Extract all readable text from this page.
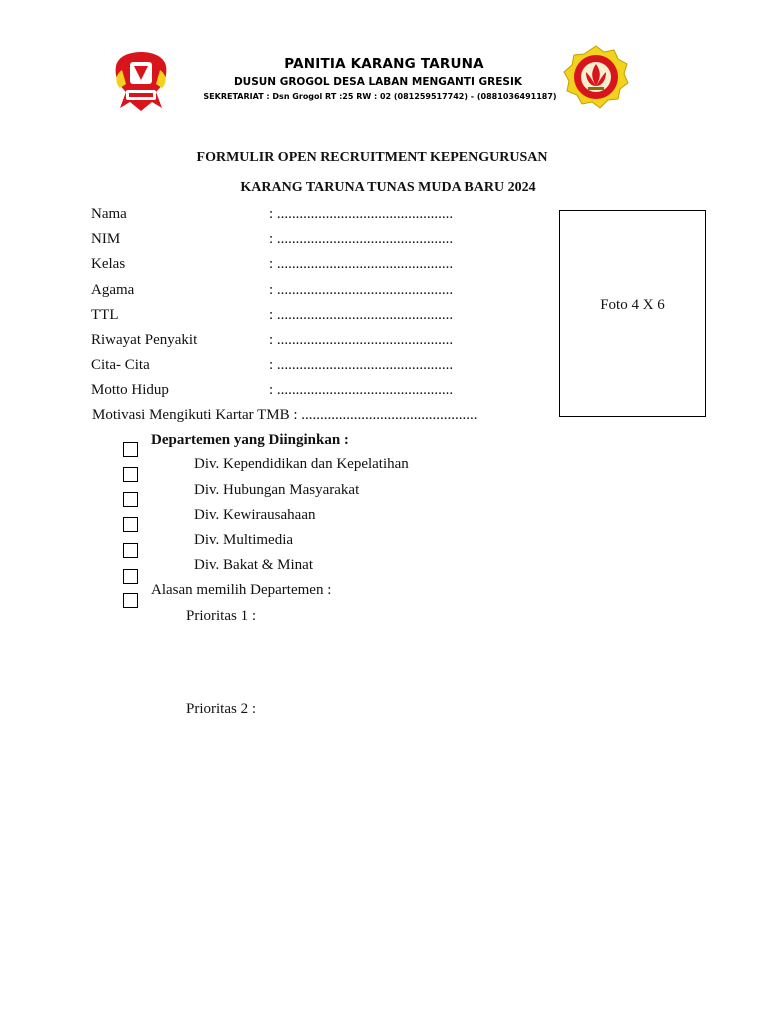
PANITIA KARANG TARUNA
DUSUN GROGOL DESA LABAN MENGANTI GRESIK
SEKRETARIAT : Dsn Grogol RT :25 RW : 02 (081259517742) - (0881036491187)
FORMULIR OPEN RECRUITMENT KEPENGURUSAN
KARANG TARUNA TUNAS MUDA BARU 2024
Nama	: ...............................................
NIM	: ...............................................
Kelas	: ...............................................
Agama	: ...............................................
TTL	: ...............................................
Riwayat Penyakit	: ...............................................
Cita- Cita	: ...............................................
Motto Hidup	: ...............................................
Motivasi Mengikuti Kartar TMB : ...............................................
Foto 4 X 6
Departemen yang Diinginkan :
Div. Kependidikan dan Kepelatihan
Div. Hubungan Masyarakat
Div. Kewirausahaan
Div. Multimedia
Div. Bakat & Minat
Alasan memilih Departemen :
Prioritas 1 :
Prioritas 2 :
